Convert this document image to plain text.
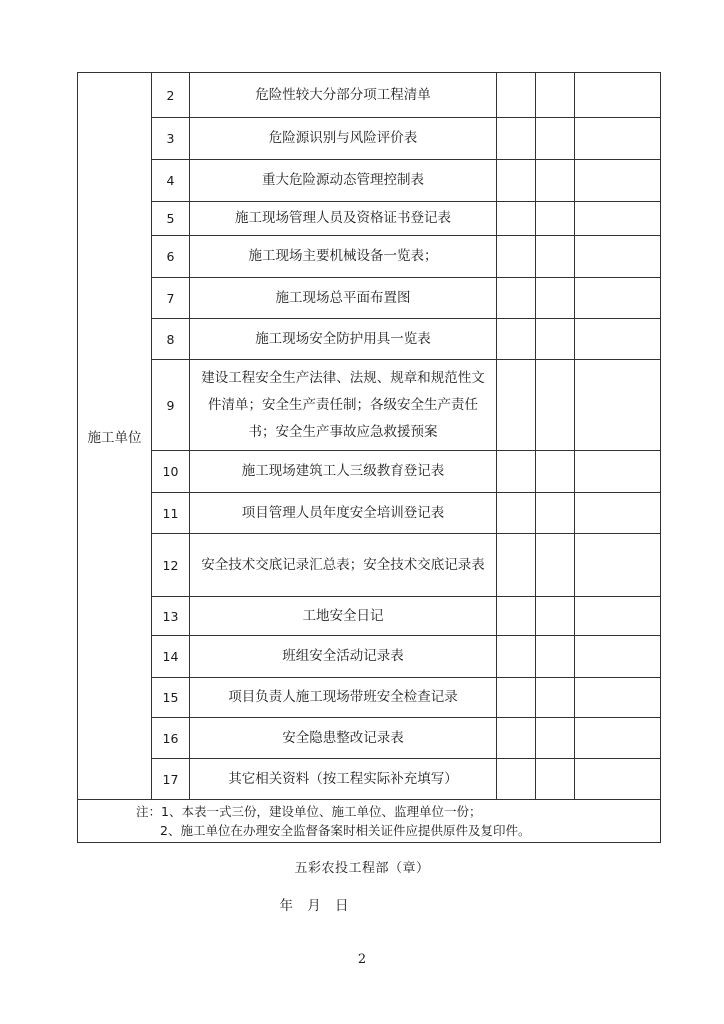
施工单位	2	危险性较大分部分项工程清单			
	3	危险源识别与风险评价表			
	4	重大危险源动态管理控制表			
	5	施工现场管理人员及资格证书登记表			
	6	施工现场主要机械设备一览表；			
	7	施工现场总平面布置图			
	8	施工现场安全防护用具一览表			
	9	建设工程安全生产法律、法规、规章和规范性文件清单；安全生产责任制；各级安全生产责任书；安全生产事故应急救援预案			
	10	施工现场建筑工人三级教育登记表			
	11	项目管理人员年度安全培训登记表			
	12	安全技术交底记录汇总表；安全技术交底记录表			
	13	工地安全日记			
	14	班组安全活动记录表			
	15	项目负责人施工现场带班安全检查记录			
	16	安全隐患整改记录表			
	17	其它相关资料（按工程实际补充填写）			

注：1、本表一式三份，建设单位、施工单位、监理单位一份；
2、施工单位在办理安全监督备案时相关证件应提供原件及复印件。					
五彩农投工程部（章）
年 月 日
2
